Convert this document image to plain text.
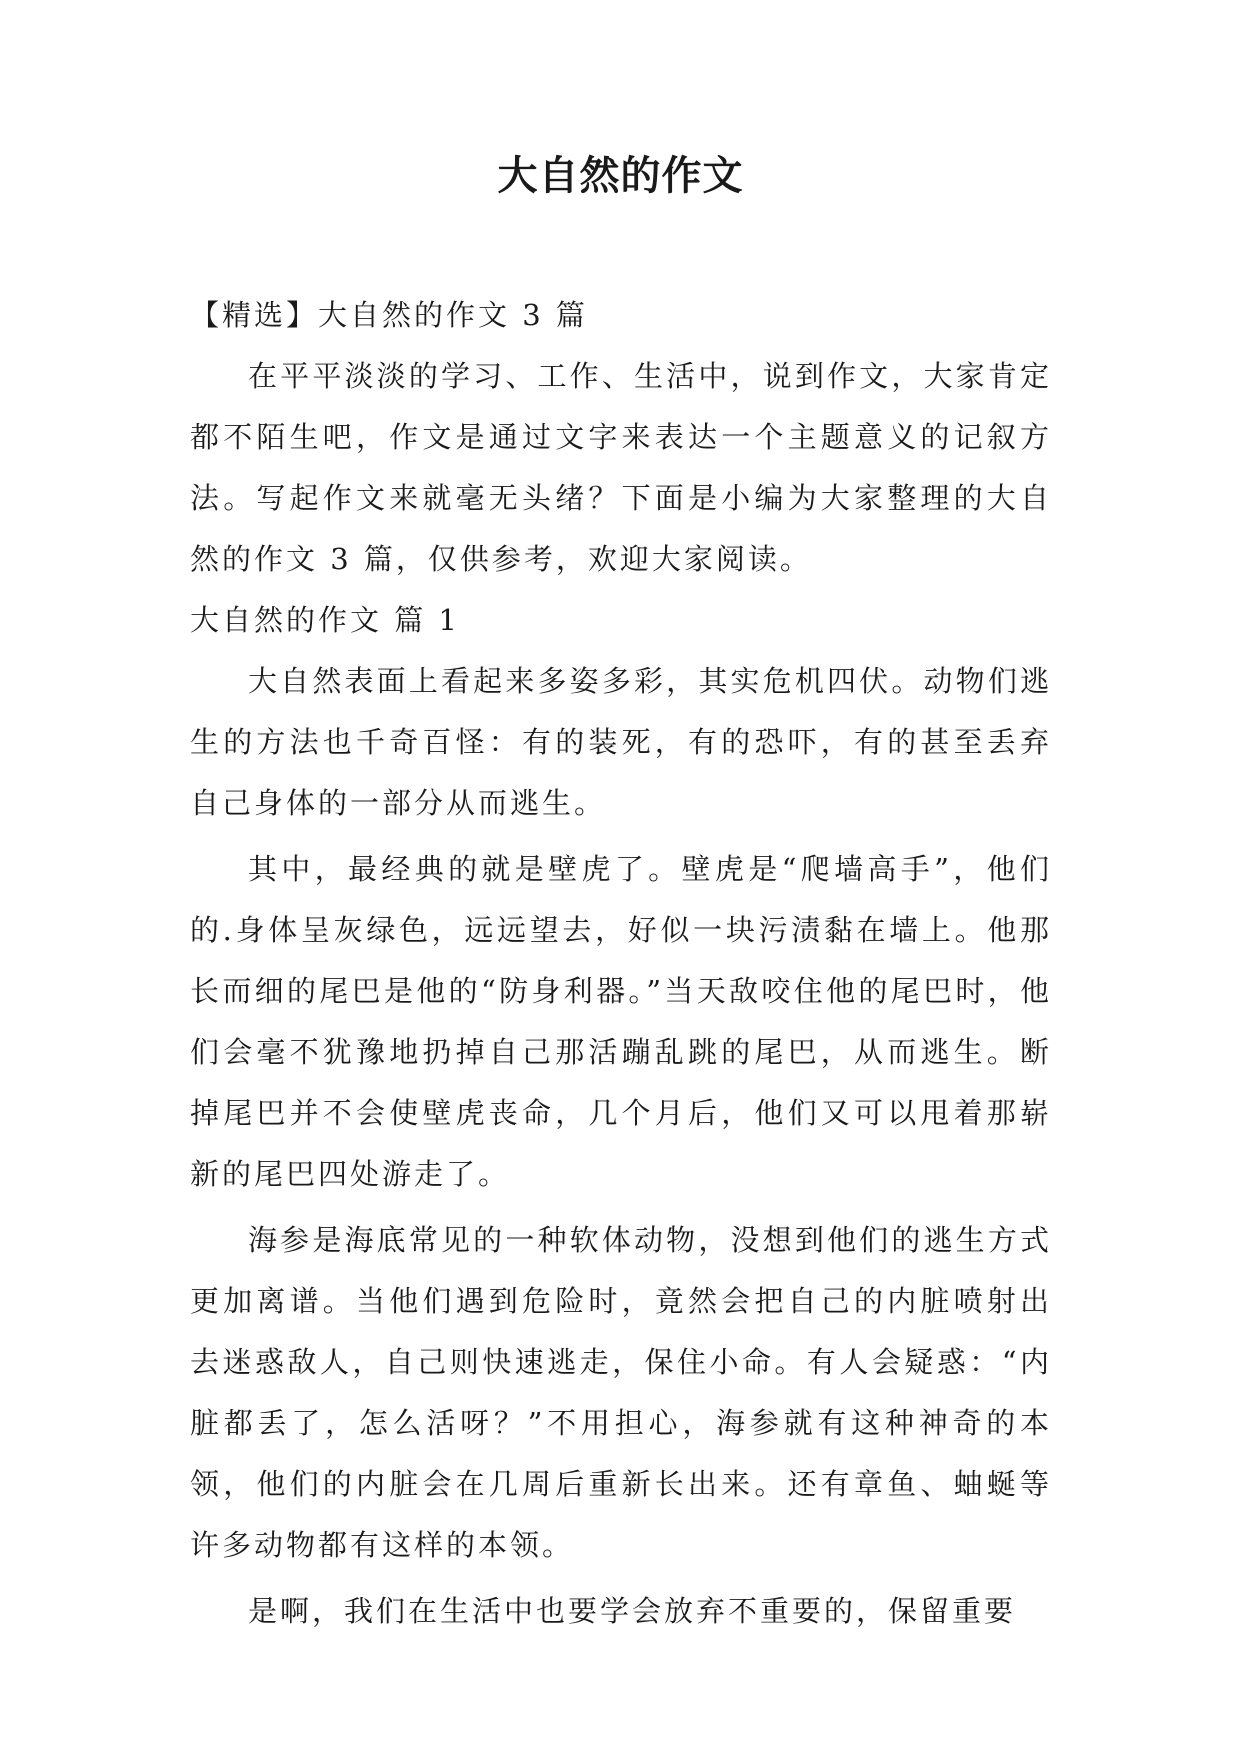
大自然的作文

【精选】大自然的作文 3 篇

在平平淡淡的学习、工作、生活中，说到作文，大家肯定都不陌生吧，作文是通过文字来表达一个主题意义的记叙方法。写起作文来就毫无头绪？下面是小编为大家整理的大自然的作文 3 篇，仅供参考，欢迎大家阅读。

大自然的作文 篇 1

大自然表面上看起来多姿多彩，其实危机四伏。动物们逃生的方法也千奇百怪：有的装死，有的恐吓，有的甚至丢弃自己身体的一部分从而逃生。

其中，最经典的就是壁虎了。壁虎是“爬墙高手”，他们的.身体呈灰绿色，远远望去，好似一块污渍黏在墙上。他那长而细的尾巴是他的“防身利器。”当天敌咬住他的尾巴时，他们会毫不犹豫地扔掉自己那活蹦乱跳的尾巴，从而逃生。断掉尾巴并不会使壁虎丧命，几个月后，他们又可以甩着那崭新的尾巴四处游走了。

海参是海底常见的一种软体动物，没想到他们的逃生方式更加离谱。当他们遇到危险时，竟然会把自己的内脏喷射出去迷惑敌人，自己则快速逃走，保住小命。有人会疑惑：“内脏都丢了，怎么活呀？”不用担心，海参就有这种神奇的本领，他们的内脏会在几周后重新长出来。还有章鱼、蚰蜒等许多动物都有这样的本领。

是啊，我们在生活中也要学会放弃不重要的，保留重要
